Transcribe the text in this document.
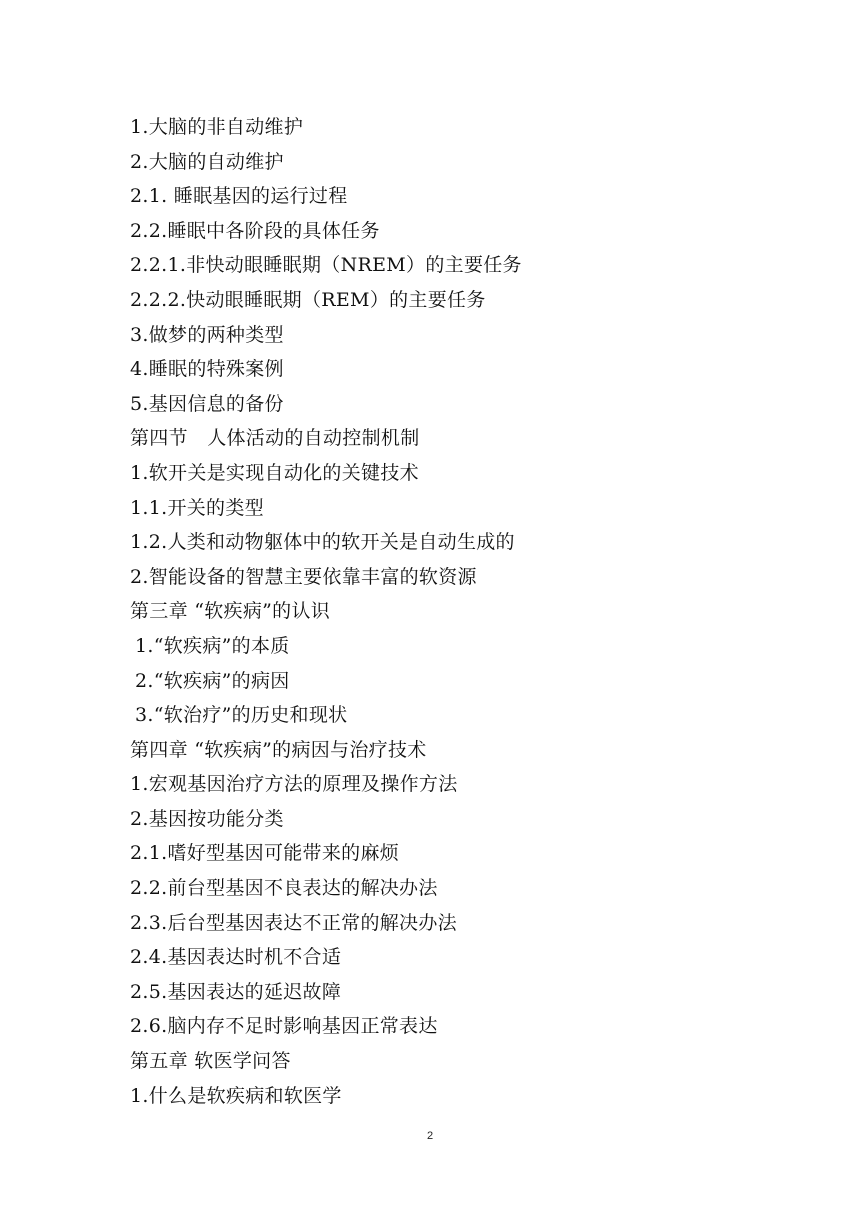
1.大脑的非自动维护
2.大脑的自动维护
2.1. 睡眠基因的运行过程
2.2.睡眠中各阶段的具体任务
2.2.1.非快动眼睡眠期（NREM）的主要任务
2.2.2.快动眼睡眠期（REM）的主要任务
3.做梦的两种类型
4.睡眠的特殊案例
5.基因信息的备份
第四节　人体活动的自动控制机制
1.软开关是实现自动化的关键技术
1.1.开关的类型
1.2.人类和动物躯体中的软开关是自动生成的
2.智能设备的智慧主要依靠丰富的软资源
第三章 “软疾病”的认识
1.“软疾病”的本质
2.“软疾病”的病因
3.“软治疗”的历史和现状
第四章 “软疾病”的病因与治疗技术
1.宏观基因治疗方法的原理及操作方法
2.基因按功能分类
2.1.嗜好型基因可能带来的麻烦
2.2.前台型基因不良表达的解决办法
2.3.后台型基因表达不正常的解决办法
2.4.基因表达时机不合适
2.5.基因表达的延迟故障
2.6.脑内存不足时影响基因正常表达
第五章 软医学问答
1.什么是软疾病和软医学
2
